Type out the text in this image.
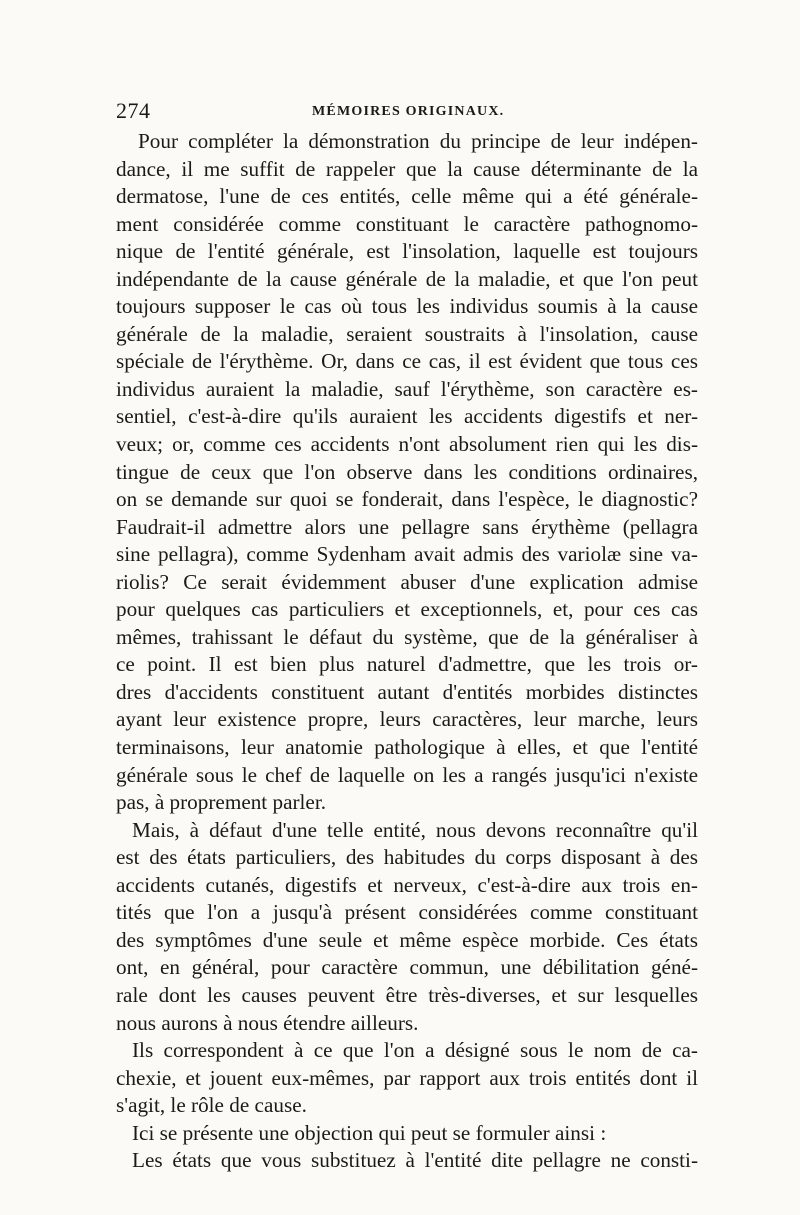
274	MÉMOIRES ORIGINAUX.
Pour compléter la démonstration du principe de leur indépen-
dance, il me suffit de rappeler que la cause déterminante de la
dermatose, l'une de ces entités, celle même qui a été générale-
ment considérée comme constituant le caractère pathognomo-
nique de l'entité générale, est l'insolation, laquelle est toujours
indépendante de la cause générale de la maladie, et que l'on peut
toujours supposer le cas où tous les individus soumis à la cause
générale de la maladie, seraient soustraits à l'insolation, cause
spéciale de l'érythème. Or, dans ce cas, il est évident que tous ces
individus auraient la maladie, sauf l'érythème, son caractère es-
sentiel, c'est-à-dire qu'ils auraient les accidents digestifs et ner-
veux; or, comme ces accidents n'ont absolument rien qui les dis-
tingue de ceux que l'on observe dans les conditions ordinaires,
on se demande sur quoi se fonderait, dans l'espèce, le diagnostic?
Faudrait-il admettre alors une pellagre sans érythème (pellagra
sine pellagra), comme Sydenham avait admis des variolæ sine va-
riolis? Ce serait évidemment abuser d'une explication admise
pour quelques cas particuliers et exceptionnels, et, pour ces cas
mêmes, trahissant le défaut du système, que de la généraliser à
ce point. Il est bien plus naturel d'admettre, que les trois or-
dres d'accidents constituent autant d'entités morbides distinctes
ayant leur existence propre, leurs caractères, leur marche, leurs
terminaisons, leur anatomie pathologique à elles, et que l'entité
générale sous le chef de laquelle on les a rangés jusqu'ici n'existe
pas, à proprement parler.
Mais, à défaut d'une telle entité, nous devons reconnaître qu'il
est des états particuliers, des habitudes du corps disposant à des
accidents cutanés, digestifs et nerveux, c'est-à-dire aux trois en-
tités que l'on a jusqu'à présent considérées comme constituant
des symptômes d'une seule et même espèce morbide. Ces états
ont, en général, pour caractère commun, une débilitation géné-
rale dont les causes peuvent être très-diverses, et sur lesquelles
nous aurons à nous étendre ailleurs.
Ils correspondent à ce que l'on a désigné sous le nom de ca-
chexie, et jouent eux-mêmes, par rapport aux trois entités dont il
s'agit, le rôle de cause.
Ici se présente une objection qui peut se formuler ainsi :
Les états que vous substituez à l'entité dite pellagre ne consti-
